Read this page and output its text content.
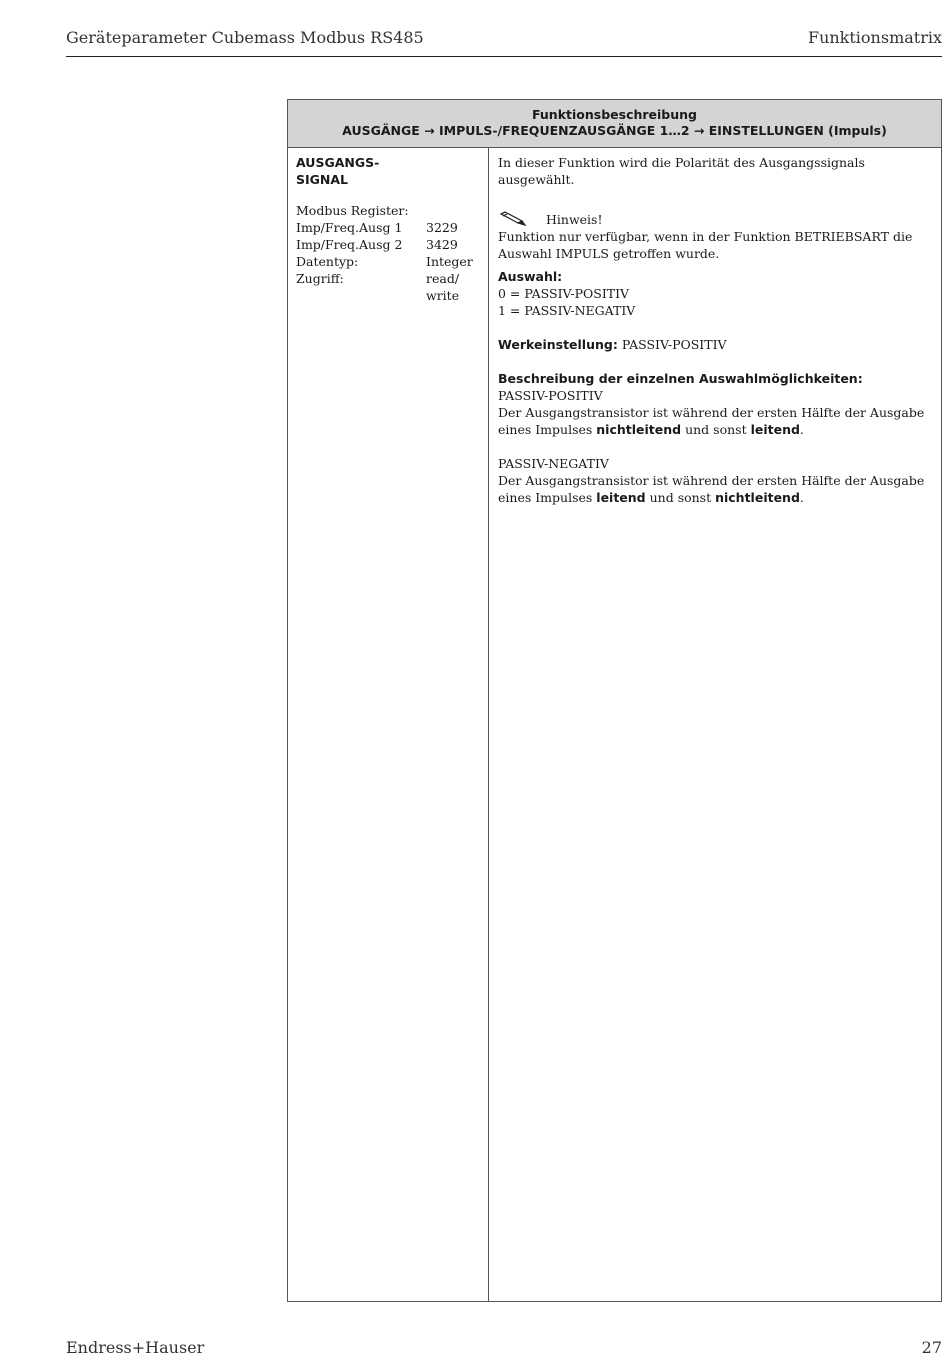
Geräteparameter Cubemass Modbus RS485	Funktionsmatrix
Funktionsbeschreibung
AUSGÄNGE → IMPULS-/FREQUENZAUSGÄNGE 1…2 → EINSTELLUNGEN (Impuls)
AUSGANGS-
SIGNAL
Modbus Register:	
Imp/Freq.Ausg 1	3229
Imp/Freq.Ausg 2	3429
Datentyp:	Integer
Zugriff:	read/ write

In dieser Funktion wird die Polarität des Ausgangssignals ausgewählt.

Hinweis!

Funktion nur verfügbar, wenn in der Funktion BETRIEBSART die Auswahl IMPULS getroffen wurde.

Auswahl:

0 = PASSIV-POSITIV

1 = PASSIV-NEGATIV

Werkeinstellung: PASSIV-POSITIV

Beschreibung der einzelnen Auswahlmöglichkeiten:

PASSIV-POSITIV

Der Ausgangstransistor ist während der ersten Hälfte der Ausgabe eines Impulses nichtleitend und sonst leitend.

PASSIV-NEGATIV

Der Ausgangstransistor ist während der ersten Hälfte der Ausgabe eines Impulses leitend und sonst nichtleitend.

Endress+Hauser	27
